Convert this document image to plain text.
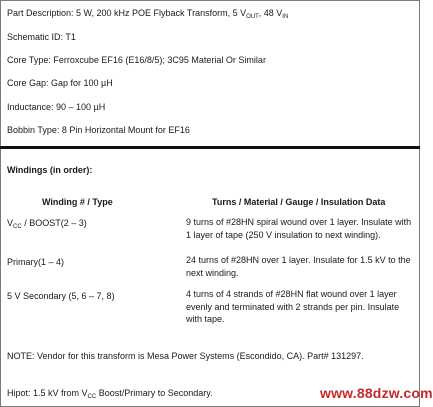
Part Description: 5 W, 200 kHz POE Flyback Transform, 5 $V_{OUT}$, 48 $V_{IN}$
Schematic ID: T1
Core Type: Ferroxcube EF16 (E16/8/5); 3C95 Material Or Similar
Core Gap: Gap for 100 µH
Inductance: 90 – 100 µH
Bobbin Type: 8 Pin Horizontal Mount for EF16
Windings (in order):
Winding # / Type	Turns / Material / Gauge / Insulation Data
$V_{CC}$ / BOOST(2 – 3)	9 turns of #28HN spiral wound over 1 layer. Insulate with 1 layer of tape (250 V insulation to next winding).
Primary(1 – 4)	24 turns of #28HN over 1 layer. Insulate for 1.5 kV to the next winding.
5 V Secondary (5, 6 – 7, 8)	4 turns of 4 strands of #28HN flat wound over 1 layer evenly and terminated with 2 strands per pin. Insulate with tape.
NOTE: Vendor for this transform is Mesa Power Systems (Escondido, CA). Part# 131297.
Hipot: 1.5 kV from $V_{CC}$ Boost/Primary to Secondary.	www.88dzw.com
